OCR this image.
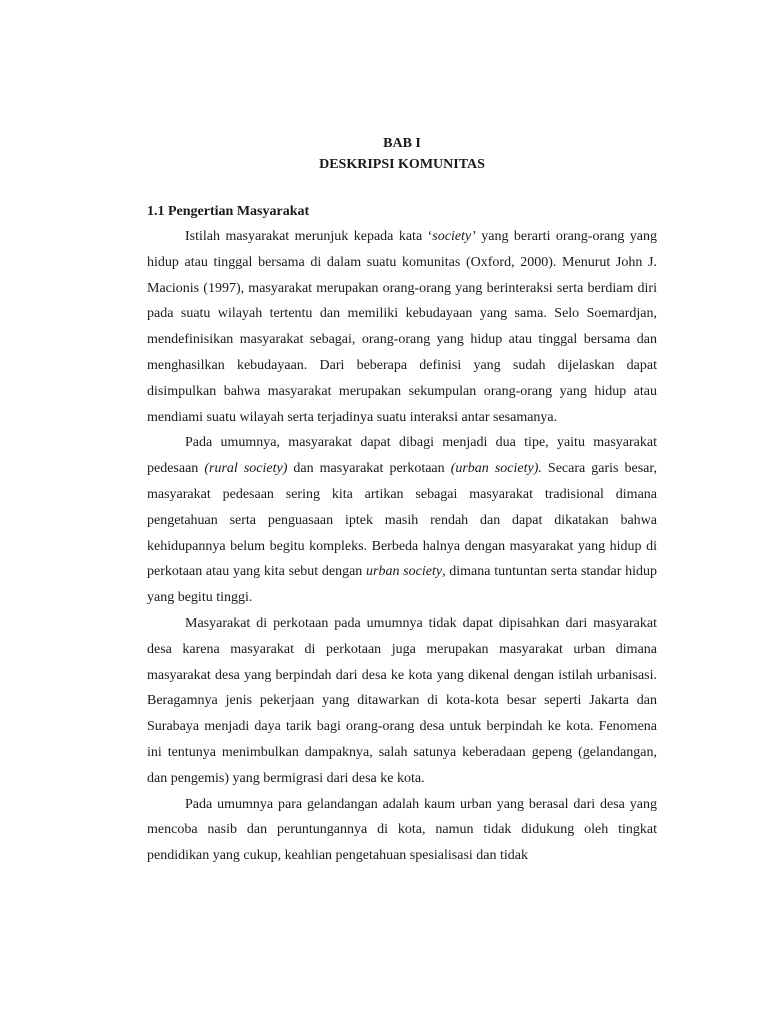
BAB I

DESKRIPSI KOMUNITAS

1.1 Pengertian Masyarakat

Istilah masyarakat merunjuk kepada kata ‘society’ yang berarti orang-orang yang hidup atau tinggal bersama di dalam suatu komunitas (Oxford, 2000). Menurut John J. Macionis (1997), masyarakat merupakan orang-orang yang berinteraksi serta berdiam diri pada suatu wilayah tertentu dan memiliki kebudayaan yang sama. Selo Soemardjan, mendefinisikan masyarakat sebagai, orang-orang yang hidup atau tinggal bersama dan menghasilkan kebudayaan. Dari beberapa definisi yang sudah dijelaskan dapat disimpulkan bahwa masyarakat merupakan sekumpulan orang-orang yang hidup atau mendiami suatu wilayah serta terjadinya suatu interaksi antar sesamanya.

Pada umumnya, masyarakat dapat dibagi menjadi dua tipe, yaitu masyarakat pedesaan (rural society) dan masyarakat perkotaan (urban society). Secara garis besar, masyarakat pedesaan sering kita artikan sebagai masyarakat tradisional dimana pengetahuan serta penguasaan iptek masih rendah dan dapat dikatakan bahwa kehidupannya belum begitu kompleks. Berbeda halnya dengan masyarakat yang hidup di perkotaan atau yang kita sebut dengan urban society, dimana tuntuntan serta standar hidup yang begitu tinggi.

Masyarakat di perkotaan pada umumnya tidak dapat dipisahkan dari masyarakat desa karena masyarakat di perkotaan juga merupakan masyarakat urban dimana masyarakat desa yang berpindah dari desa ke kota yang dikenal dengan istilah urbanisasi. Beragamnya jenis pekerjaan yang ditawarkan di kota-kota besar seperti Jakarta dan Surabaya menjadi daya tarik bagi orang-orang desa untuk berpindah ke kota. Fenomena ini tentunya menimbulkan dampaknya, salah satunya keberadaan gepeng (gelandangan, dan pengemis) yang bermigrasi dari desa ke kota.

Pada umumnya para gelandangan adalah kaum urban yang berasal dari desa yang mencoba nasib dan peruntungannya di kota, namun tidak didukung oleh tingkat pendidikan yang cukup, keahlian pengetahuan spesialisasi dan tidak
